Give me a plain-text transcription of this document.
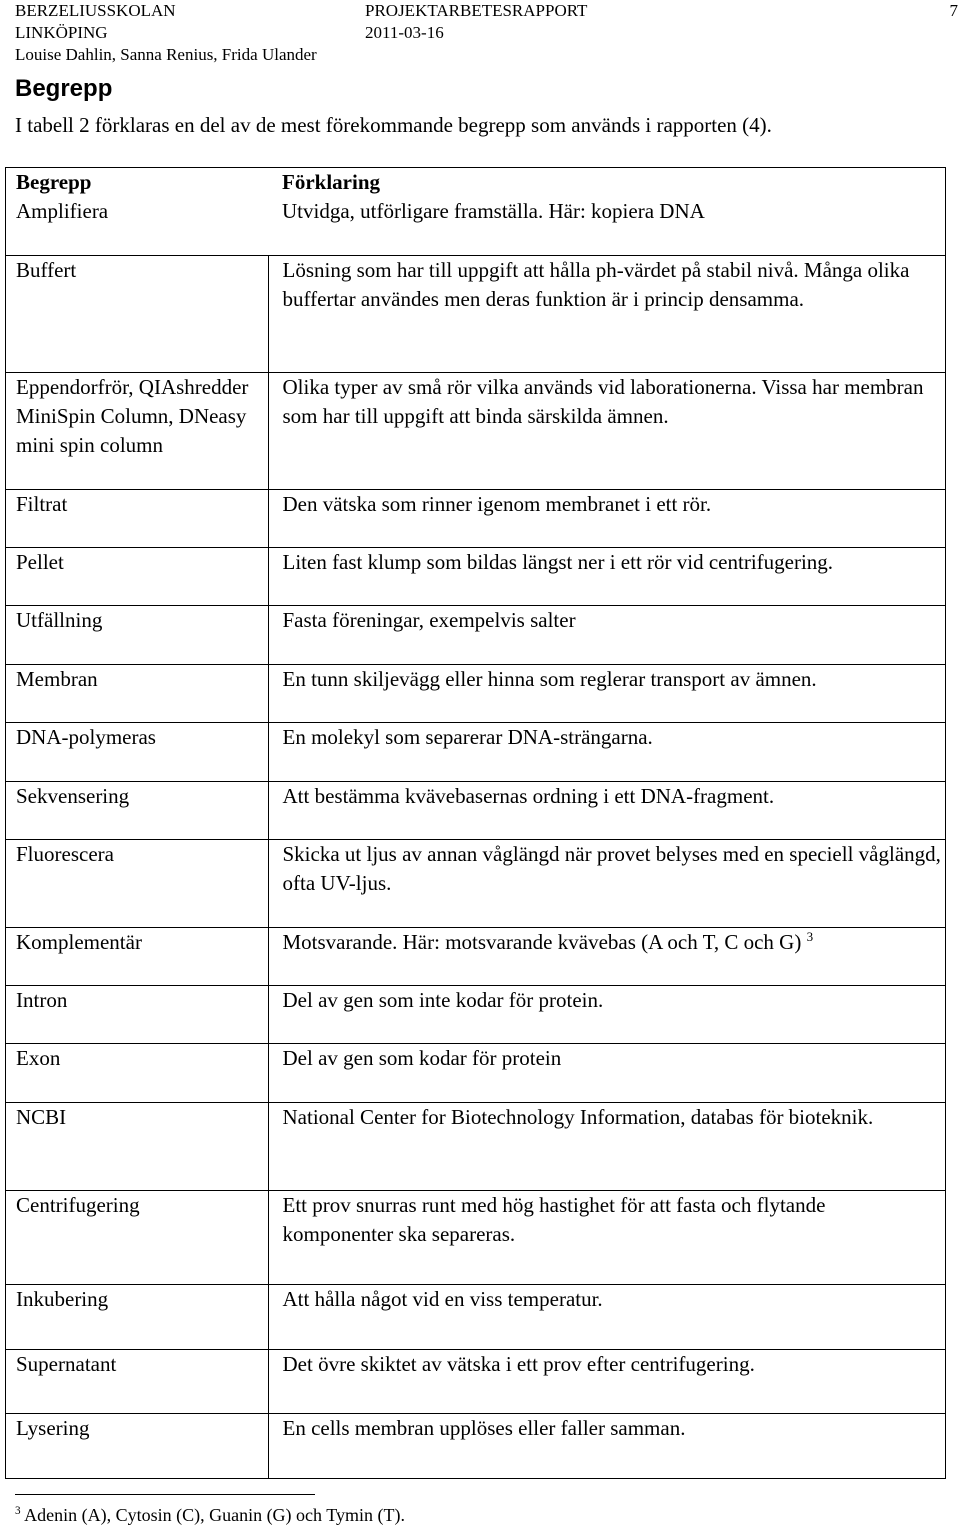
BERZELIUSSKOLAN	PROJEKTARBETESRAPPORT	7
LINKÖPING	2011-03-16
Louise Dahlin, Sanna Renius, Frida Ulander
Begrepp

I tabell 2 förklaras en del av de mest förekommande begrepp som används i rapporten (4).

Begrepp	Förklaring
Amplifiera	Utvidga, utförligare framställa. Här: kopiera DNA
Buffert	Lösning som har till uppgift att hålla ph-värdet på stabil nivå. Många olika buffertar användes men deras funktion är i princip densamma.
Eppendorfrör, QIAshredder MiniSpin Column, DNeasy mini spin column	Olika typer av små rör vilka används vid laborationerna. Vissa har membran som har till uppgift att binda särskilda ämnen.
Filtrat	Den vätska som rinner igenom membranet i ett rör.
Pellet	Liten fast klump som bildas längst ner i ett rör vid centrifugering.
Utfällning	Fasta föreningar, exempelvis salter
Membran	En tunn skiljevägg eller hinna som reglerar transport av ämnen.
DNA-polymeras	En molekyl som separerar DNA-strängarna.
Sekvensering	Att bestämma kvävebasernas ordning i ett DNA-fragment.
Fluorescera	Skicka ut ljus av annan våglängd när provet belyses med en speciell våglängd, ofta UV-ljus.
Komplementär	Motsvarande. Här: motsvarande kvävebas (A och T, C och G) $^3$
Intron	Del av gen som inte kodar för protein.
Exon	Del av gen som kodar för protein
NCBI	National Center for Biotechnology Information, databas för bioteknik.
Centrifugering	Ett prov snurras runt med hög hastighet för att fasta och flytande komponenter ska separeras.
Inkubering	Att hålla något vid en viss temperatur.
Supernatant	Det övre skiktet av vätska i ett prov efter centrifugering.
Lysering	En cells membran upplöses eller faller samman.
$^3$ Adenin (A), Cytosin (C), Guanin (G) och Tymin (T).
